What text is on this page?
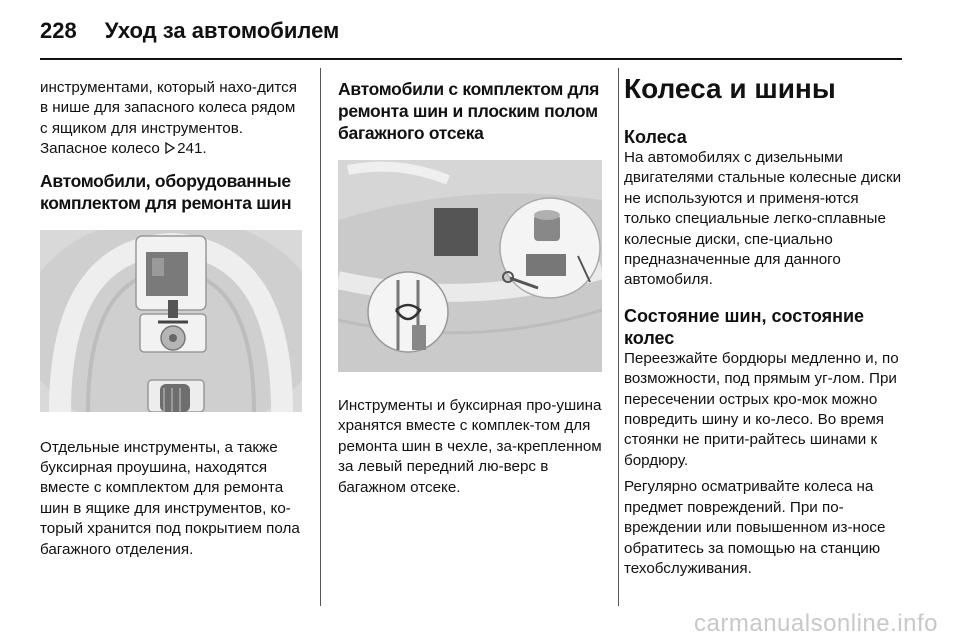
228 Уход за автомобилем

инструментами, который нахо-дится в нише для запасного колеса рядом с ящиком для инструментов. Запасное колесо 241.

Автомобили, оборудованные комплектом для ремонта шин

Отдельные инструменты, а также буксирная проушина, находятся вместе с комплектом для ремонта шин в ящике для инструментов, ко-торый хранится под покрытием пола багажного отделения.

Автомобили с комплектом для ремонта шин и плоским полом багажного отсека

Инструменты и буксирная про-ушина хранятся вместе с комплек-том для ремонта шин в чехле, за-крепленном за левый передний лю-верс в багажном отсеке.

Колеса и шины
Колеса

На автомобилях с дизельными двигателями стальные колесные диски не используются и применя-ются только специальные легко-сплавные колесные диски, спе-циально предназначенные для данного автомобиля.

Состояние шин, состояние колес

Переезжайте бордюры медленно и, по возможности, под прямым уг-лом. При пересечении острых кро-мок можно повредить шину и ко-лесо. Во время стоянки не прити-райтесь шинами к бордюру.

Регулярно осматривайте колеса на предмет повреждений. При по-вреждении или повышенном из-носе обратитесь за помощью на станцию техобслуживания.

carmanualsonline.info
